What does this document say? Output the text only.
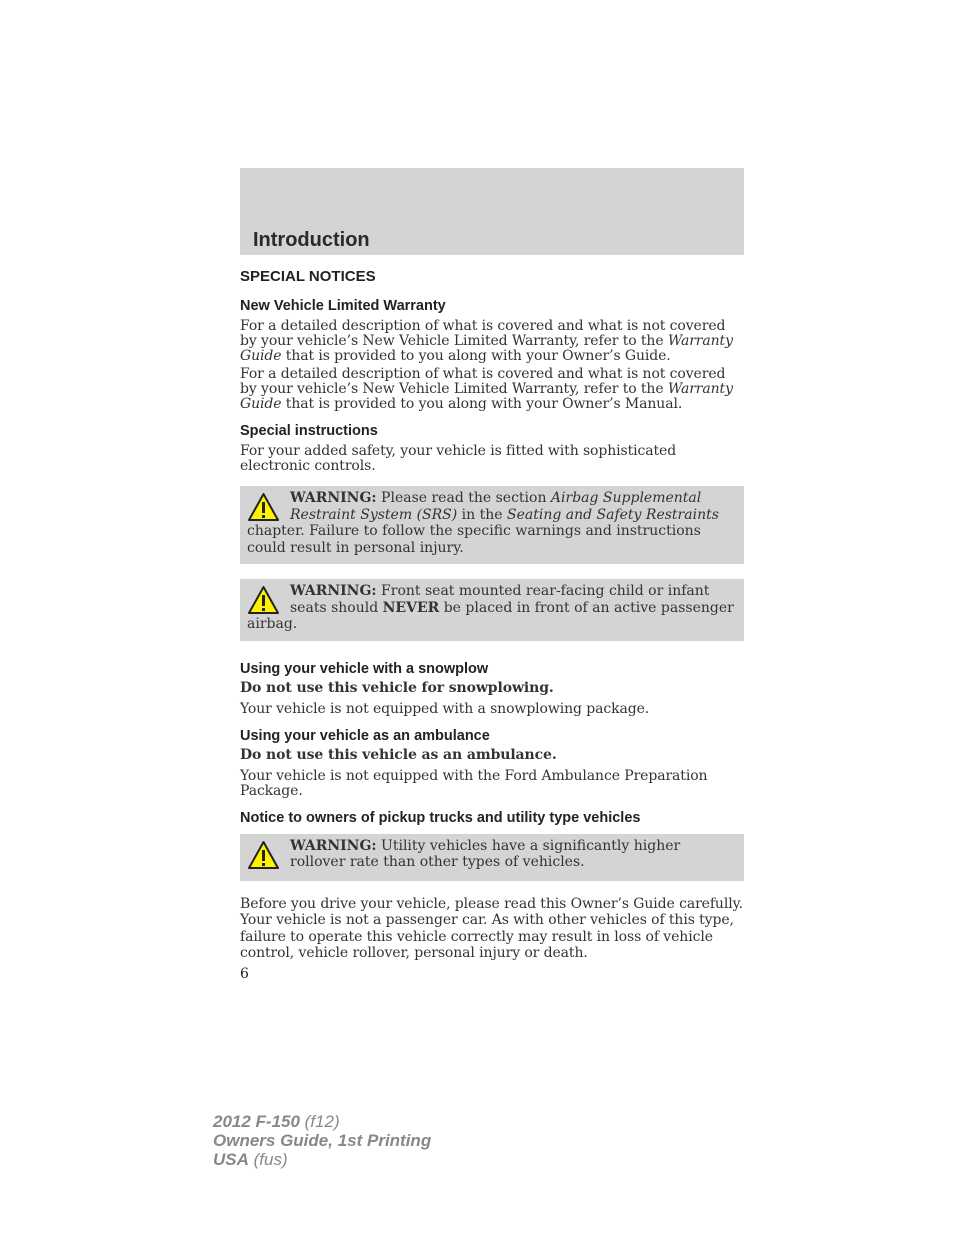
Introduction
SPECIAL NOTICES
New Vehicle Limited Warranty

For a detailed description of what is covered and what is not covered by your vehicle’s New Vehicle Limited Warranty, refer to the Warranty Guide that is provided to you along with your Owner’s Guide.

For a detailed description of what is covered and what is not covered by your vehicle’s New Vehicle Limited Warranty, refer to the Warranty Guide that is provided to you along with your Owner’s Manual.

Special instructions

For your added safety, your vehicle is fitted with sophisticated electronic controls.

WARNING: Please read the section Airbag Supplemental Restraint System (SRS) in the Seating and Safety Restraints chapter. Failure to follow the specific warnings and instructions could result in personal injury.
WARNING: Front seat mounted rear-facing child or infant seats should NEVER be placed in front of an active passenger airbag.
Using your vehicle with a snowplow

Do not use this vehicle for snowplowing.

Your vehicle is not equipped with a snowplowing package.

Using your vehicle as an ambulance

Do not use this vehicle as an ambulance.

Your vehicle is not equipped with the Ford Ambulance Preparation Package.

Notice to owners of pickup trucks and utility type vehicles
WARNING: Utility vehicles have a significantly higher rollover rate than other types of vehicles.

Before you drive your vehicle, please read this Owner’s Guide carefully. Your vehicle is not a passenger car. As with other vehicles of this type, failure to operate this vehicle correctly may result in loss of vehicle control, vehicle rollover, personal injury or death.

6
2012 F-150 (f12)
Owners Guide, 1st Printing
USA (fus)
